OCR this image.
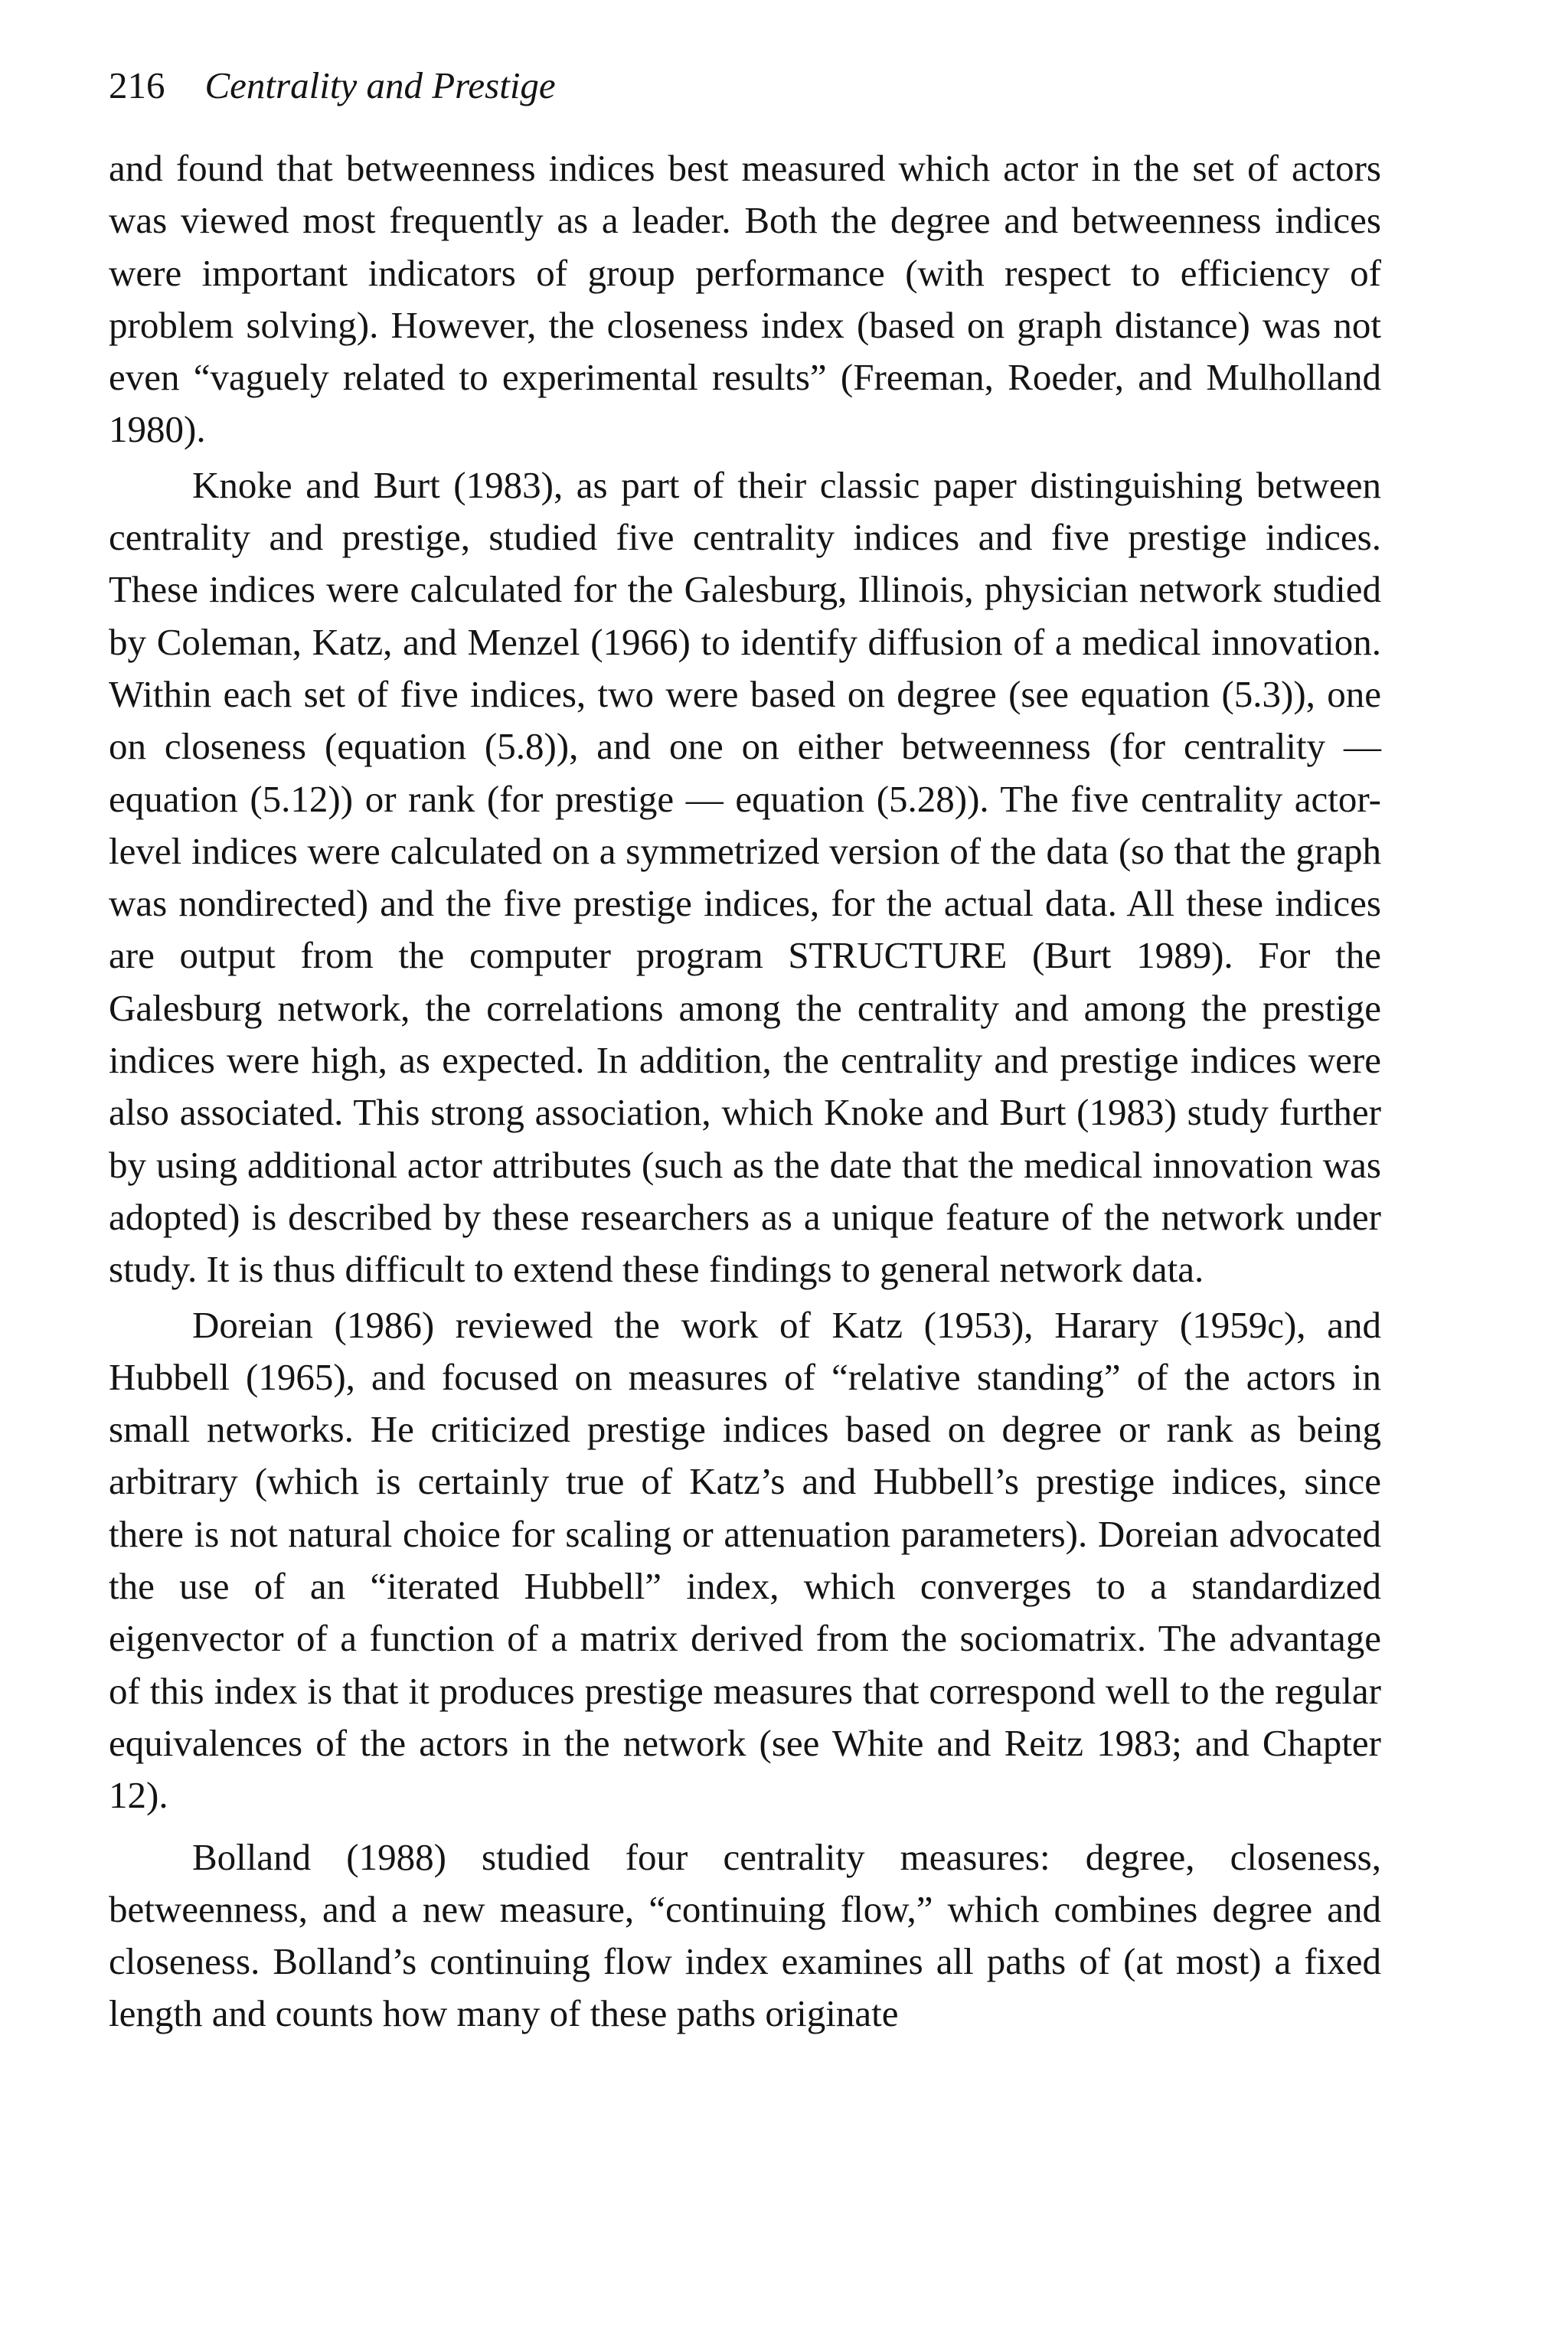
216 Centrality and Prestige

and found that betweenness indices best measured which actor in the set of actors was viewed most frequently as a leader. Both the degree and betweenness indices were important indicators of group performance (with respect to efficiency of problem solving). However, the closeness index (based on graph distance) was not even “vaguely related to experimental results” (Freeman, Roeder, and Mulholland 1980).

Knoke and Burt (1983), as part of their classic paper distinguishing between centrality and prestige, studied five centrality indices and five prestige indices. These indices were calculated for the Galesburg, Illinois, physician network studied by Coleman, Katz, and Menzel (1966) to identify diffusion of a medical innovation. Within each set of five indices, two were based on degree (see equation (5.3)), one on closeness (equation (5.8)), and one on either betweenness (for centrality — equation (5.12)) or rank (for prestige — equation (5.28)). The five centrality actor-level indices were calculated on a symmetrized version of the data (so that the graph was nondirected) and the five prestige indices, for the actual data. All these indices are output from the computer program STRUCTURE (Burt 1989). For the Galesburg network, the correlations among the centrality and among the prestige indices were high, as expected. In addition, the centrality and prestige indices were also associated. This strong association, which Knoke and Burt (1983) study further by using additional actor attributes (such as the date that the medical innovation was adopted) is described by these researchers as a unique feature of the network under study. It is thus difficult to extend these findings to general network data.

Doreian (1986) reviewed the work of Katz (1953), Harary (1959c), and Hubbell (1965), and focused on measures of “relative standing” of the actors in small networks. He criticized prestige indices based on degree or rank as being arbitrary (which is certainly true of Katz’s and Hubbell’s prestige indices, since there is not natural choice for scaling or attenuation parameters). Doreian advocated the use of an “iterated Hubbell” index, which converges to a standardized eigenvector of a function of a matrix derived from the sociomatrix. The advantage of this index is that it produces prestige measures that correspond well to the regular equivalences of the actors in the network (see White and Reitz 1983; and Chapter 12).

Bolland (1988) studied four centrality measures: degree, closeness, betweenness, and a new measure, “continuing flow,” which combines degree and closeness. Bolland’s continuing flow index examines all paths of (at most) a fixed length and counts how many of these paths originate
